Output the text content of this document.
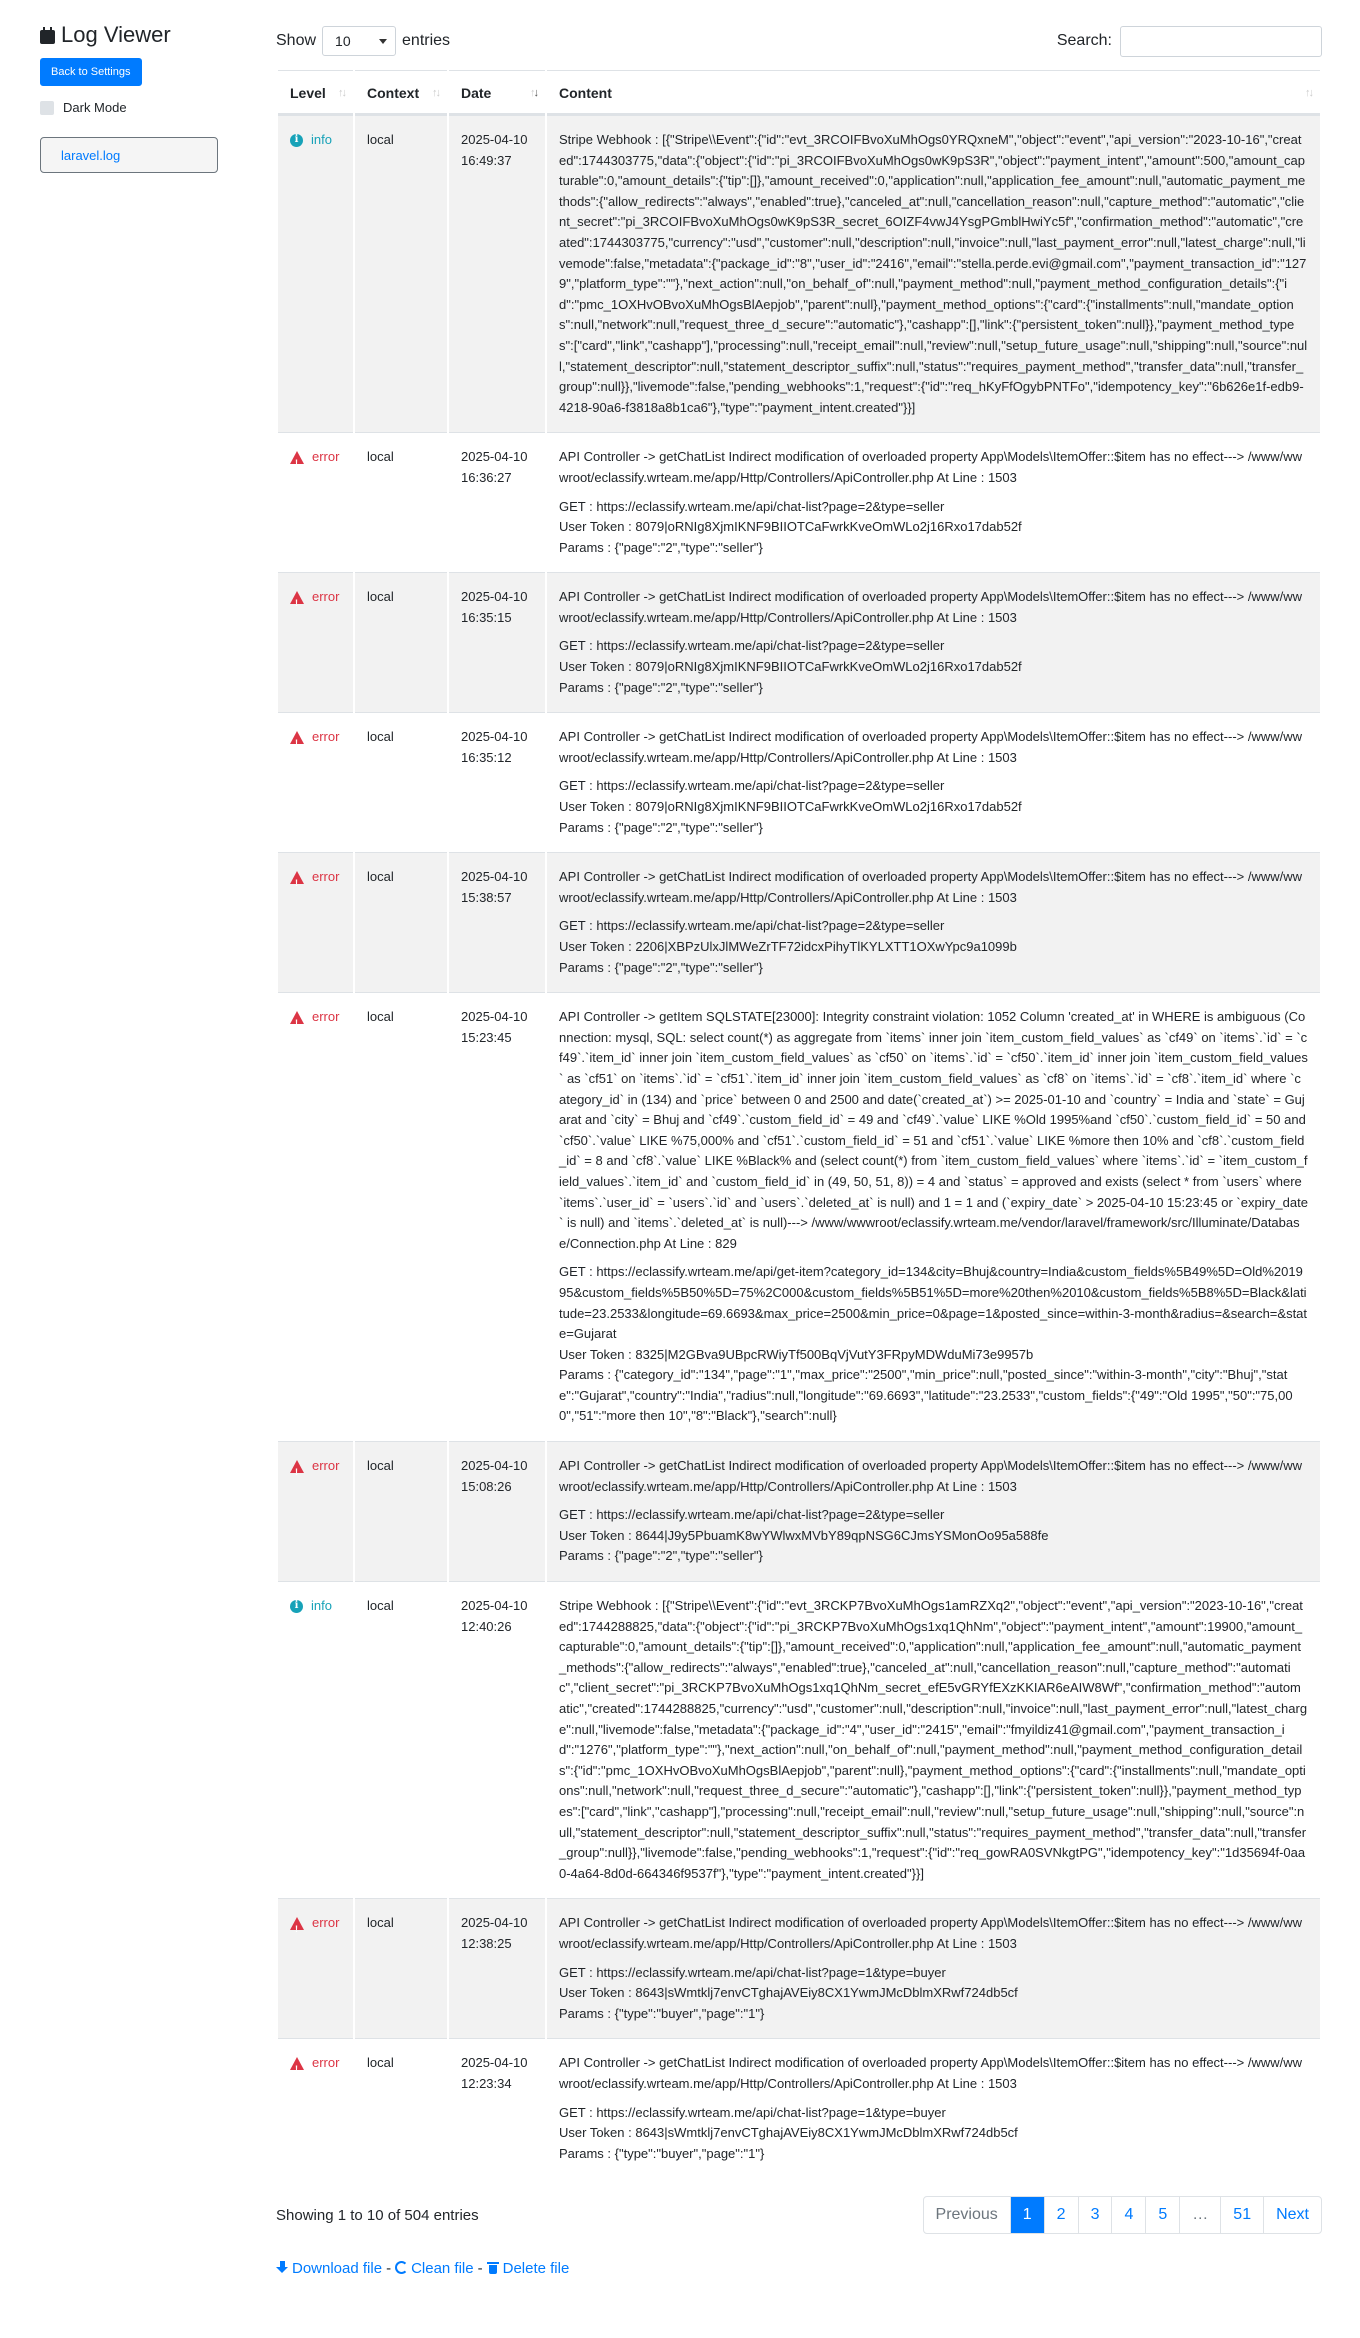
Log Viewer
Back to Settings
Dark Mode
laravel.log
Show 10	entries	Search:
Level ↑↓	Context ↑↓	Date ↑↓	Content ↑↓

i info	local	2025-04-10 16:49:37	Stripe Webhook : [{"Stripe\\Event":{"id":"evt_3RCOIFBvoXuMhOgs0YRQxneM","object":"event","api_version":"2023-10-16","created":1744303775,"data":{"object":{"id":"pi_3RCOIFBvoXuMhOgs0wK9pS3R","object":"payment_intent","amount":500,"amount_capturable":0,"amount_details":{"tip":[]},"amount_received":0,"application":null,"application_fee_amount":null,"automatic_payment_methods":{"allow_redirects":"always","enabled":true},"canceled_at":null,"cancellation_reason":null,"capture_method":"automatic","client_secret":"pi_3RCOIFBvoXuMhOgs0wK9pS3R_secret_6OIZF4vwJ4YsgPGmblHwiYc5f","confirmation_method":"automatic","created":1744303775,"currency":"usd","customer":null,"description":null,"invoice":null,"last_payment_error":null,"latest_charge":null,"livemode":false,"metadata":{"package_id":"8","user_id":"2416","email":"stella.perde.evi@gmail.com","payment_transaction_id":"1279","platform_type":""},"next_action":null,"on_behalf_of":null,"payment_method":null,"payment_method_configuration_details":{"id":"pmc_1OXHvOBvoXuMhOgsBlAepjob","parent":null},"payment_method_options":{"card":{"installments":null,"mandate_options":null,"network":null,"request_three_d_secure":"automatic"},"cashapp":[],"link":{"persistent_token":null}},"payment_method_types":["card","link","cashapp"],"processing":null,"receipt_email":null,"review":null,"setup_future_usage":null,"shipping":null,"source":null,"statement_descriptor":null,"statement_descriptor_suffix":null,"status":"requires_payment_method","transfer_data":null,"transfer_group":null}},"livemode":false,"pending_webhooks":1,"request":{"id":"req_hKyFfOgybPNTFo","idempotency_key":"6b626e1f-edb9-4218-90a6-f3818a8b1ca6"},"type":"payment_intent.created"}}]

!
error	local	2025-04-10 16:36:27	API Controller -> getChatList Indirect modification of overloaded property App\Models\ItemOffer::$item has no effect---> /www/wwwroot/eclassify.wrteam.me/app/Http/Controllers/ApiController.php At Line : 1503
GET : https://eclassify.wrteam.me/api/chat-list?page=2&type=seller
User Token : 8079|oRNIg8XjmIKNF9BIIOTCaFwrkKveOmWLo2j16Rxo17dab52f
Params : {"page":"2","type":"seller"}

!
error	local	2025-04-10 16:35:15	API Controller -> getChatList Indirect modification of overloaded property App\Models\ItemOffer::$item has no effect---> /www/wwwroot/eclassify.wrteam.me/app/Http/Controllers/ApiController.php At Line : 1503
GET : https://eclassify.wrteam.me/api/chat-list?page=2&type=seller
User Token : 8079|oRNIg8XjmIKNF9BIIOTCaFwrkKveOmWLo2j16Rxo17dab52f
Params : {"page":"2","type":"seller"}

!
error	local	2025-04-10 16:35:12	API Controller -> getChatList Indirect modification of overloaded property App\Models\ItemOffer::$item has no effect---> /www/wwwroot/eclassify.wrteam.me/app/Http/Controllers/ApiController.php At Line : 1503
GET : https://eclassify.wrteam.me/api/chat-list?page=2&type=seller
User Token : 8079|oRNIg8XjmIKNF9BIIOTCaFwrkKveOmWLo2j16Rxo17dab52f
Params : {"page":"2","type":"seller"}

!
error	local	2025-04-10 15:38:57	API Controller -> getChatList Indirect modification of overloaded property App\Models\ItemOffer::$item has no effect---> /www/wwwroot/eclassify.wrteam.me/app/Http/Controllers/ApiController.php At Line : 1503
GET : https://eclassify.wrteam.me/api/chat-list?page=2&type=seller
User Token : 2206|XBPzUlxJlMWeZrTF72idcxPihyTlKYLXTT1OXwYpc9a1099b
Params : {"page":"2","type":"seller"}

!
error	local	2025-04-10 15:23:45	API Controller -> getItem SQLSTATE[23000]: Integrity constraint violation: 1052 Column 'created_at' in WHERE is ambiguous (Connection: mysql, SQL: select count(*) as aggregate from `items` inner join `item_custom_field_values` as `cf49` on `items`.`id` = `cf49`.`item_id` inner join `item_custom_field_values` as `cf50` on `items`.`id` = `cf50`.`item_id` inner join `item_custom_field_values` as `cf51` on `items`.`id` = `cf51`.`item_id` inner join `item_custom_field_values` as `cf8` on `items`.`id` = `cf8`.`item_id` where `category_id` in (134) and `price` between 0 and 2500 and date(`created_at`) >= 2025-01-10 and `country` = India and `state` = Gujarat and `city` = Bhuj and `cf49`.`custom_field_id` = 49 and `cf49`.`value` LIKE %Old 1995%and `cf50`.`custom_field_id` = 50 and `cf50`.`value` LIKE %75,000% and `cf51`.`custom_field_id` = 51 and `cf51`.`value` LIKE %more then 10% and `cf8`.`custom_field_id` = 8 and `cf8`.`value` LIKE %Black% and (select count(*) from `item_custom_field_values` where `items`.`id` = `item_custom_field_values`.`item_id` and `custom_field_id` in (49, 50, 51, 8)) = 4 and `status` = approved and exists (select * from `users` where `items`.`user_id` = `users`.`id` and `users`.`deleted_at` is null) and 1 = 1 and (`expiry_date` > 2025-04-10 15:23:45 or `expiry_date` is null) and `items`.`deleted_at` is null)---> /www/wwwroot/eclassify.wrteam.me/vendor/laravel/framework/src/Illuminate/Database/Connection.php At Line : 829
GET : https://eclassify.wrteam.me/api/get-item?category_id=134&city=Bhuj&country=India&custom_fields%5B49%5D=Old%201995&custom_fields%5B50%5D=75%2C000&custom_fields%5B51%5D=more%20then%2010&custom_fields%5B8%5D=Black&latitude=23.2533&longitude=69.6693&max_price=2500&min_price=0&page=1&posted_since=within-3-month&radius=&search=&state=Gujarat
User Token : 8325|M2GBva9UBpcRWiyTf500BqVjVutY3FRpyMDWduMi73e9957b
Params : {"category_id":"134","page":"1","max_price":"2500","min_price":null,"posted_since":"within-3-month","city":"Bhuj","state":"Gujarat","country":"India","radius":null,"longitude":"69.6693","latitude":"23.2533","custom_fields":{"49":"Old 1995","50":"75,000","51":"more then 10","8":"Black"},"search":null}

!
error	local	2025-04-10 15:08:26	API Controller -> getChatList Indirect modification of overloaded property App\Models\ItemOffer::$item has no effect---> /www/wwwroot/eclassify.wrteam.me/app/Http/Controllers/ApiController.php At Line : 1503
GET : https://eclassify.wrteam.me/api/chat-list?page=2&type=seller
User Token : 8644|J9y5PbuamK8wYWlwxMVbY89qpNSG6CJmsYSMonOo95a588fe
Params : {"page":"2","type":"seller"}

i info	local	2025-04-10 12:40:26	Stripe Webhook : [{"Stripe\\Event":{"id":"evt_3RCKP7BvoXuMhOgs1amRZXq2","object":"event","api_version":"2023-10-16","created":1744288825,"data":{"object":{"id":"pi_3RCKP7BvoXuMhOgs1xq1QhNm","object":"payment_intent","amount":19900,"amount_capturable":0,"amount_details":{"tip":[]},"amount_received":0,"application":null,"application_fee_amount":null,"automatic_payment_methods":{"allow_redirects":"always","enabled":true},"canceled_at":null,"cancellation_reason":null,"capture_method":"automatic","client_secret":"pi_3RCKP7BvoXuMhOgs1xq1QhNm_secret_efE5vGRYfEXzKKIAR6eAIW8Wf","confirmation_method":"automatic","created":1744288825,"currency":"usd","customer":null,"description":null,"invoice":null,"last_payment_error":null,"latest_charge":null,"livemode":false,"metadata":{"package_id":"4","user_id":"2415","email":"fmyildiz41@gmail.com","payment_transaction_id":"1276","platform_type":""},"next_action":null,"on_behalf_of":null,"payment_method":null,"payment_method_configuration_details":{"id":"pmc_1OXHvOBvoXuMhOgsBlAepjob","parent":null},"payment_method_options":{"card":{"installments":null,"mandate_options":null,"network":null,"request_three_d_secure":"automatic"},"cashapp":[],"link":{"persistent_token":null}},"payment_method_types":["card","link","cashapp"],"processing":null,"receipt_email":null,"review":null,"setup_future_usage":null,"shipping":null,"source":null,"statement_descriptor":null,"statement_descriptor_suffix":null,"status":"requires_payment_method","transfer_data":null,"transfer_group":null}},"livemode":false,"pending_webhooks":1,"request":{"id":"req_gowRA0SVNkgtPG","idempotency_key":"1d35694f-0aa0-4a64-8d0d-664346f9537f"},"type":"payment_intent.created"}}]

!
error	local	2025-04-10 12:38:25	API Controller -> getChatList Indirect modification of overloaded property App\Models\ItemOffer::$item has no effect---> /www/wwwroot/eclassify.wrteam.me/app/Http/Controllers/ApiController.php At Line : 1503
GET : https://eclassify.wrteam.me/api/chat-list?page=1&type=buyer
User Token : 8643|sWmtklj7envCTghajAVEiy8CX1YwmJMcDblmXRwf724db5cf
Params : {"type":"buyer","page":"1"}

!
error	local	2025-04-10 12:23:34	API Controller -> getChatList Indirect modification of overloaded property App\Models\ItemOffer::$item has no effect---> /www/wwwroot/eclassify.wrteam.me/app/Http/Controllers/ApiController.php At Line : 1503
GET : https://eclassify.wrteam.me/api/chat-list?page=1&type=buyer
User Token : 8643|sWmtklj7envCTghajAVEiy8CX1YwmJMcDblmXRwf724db5cf
Params : {"type":"buyer","page":"1"}
Showing 1 to 10 of 504 entries	Previous	1	2	3	4	5	…	51	Next
Download file -	Clean file -	Delete file
